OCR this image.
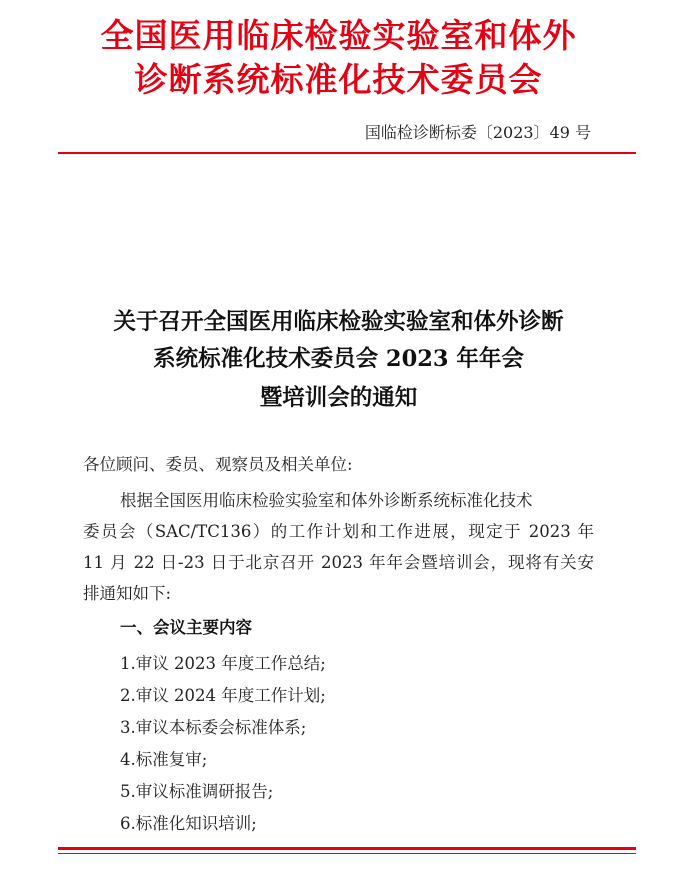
全国医用临床检验实验室和体外
诊断系统标准化技术委员会
国临检诊断标委〔2023〕49 号
关于召开全国医用临床检验实验室和体外诊断
系统标准化技术委员会 2023 年年会
暨培训会的通知
各位顾问、委员、观察员及相关单位:
根据全国医用临床检验实验室和体外诊断系统标准化技术
委员会（SAC/TC136）的工作计划和工作进展，现定于 2023 年
11 月 22 日-23 日于北京召开 2023 年年会暨培训会，现将有关安
排通知如下:
一、会议主要内容
1.审议 2023 年度工作总结;
2.审议 2024 年度工作计划;
3.审议本标委会标准体系;
4.标准复审;
5.审议标准调研报告;
6.标准化知识培训;
